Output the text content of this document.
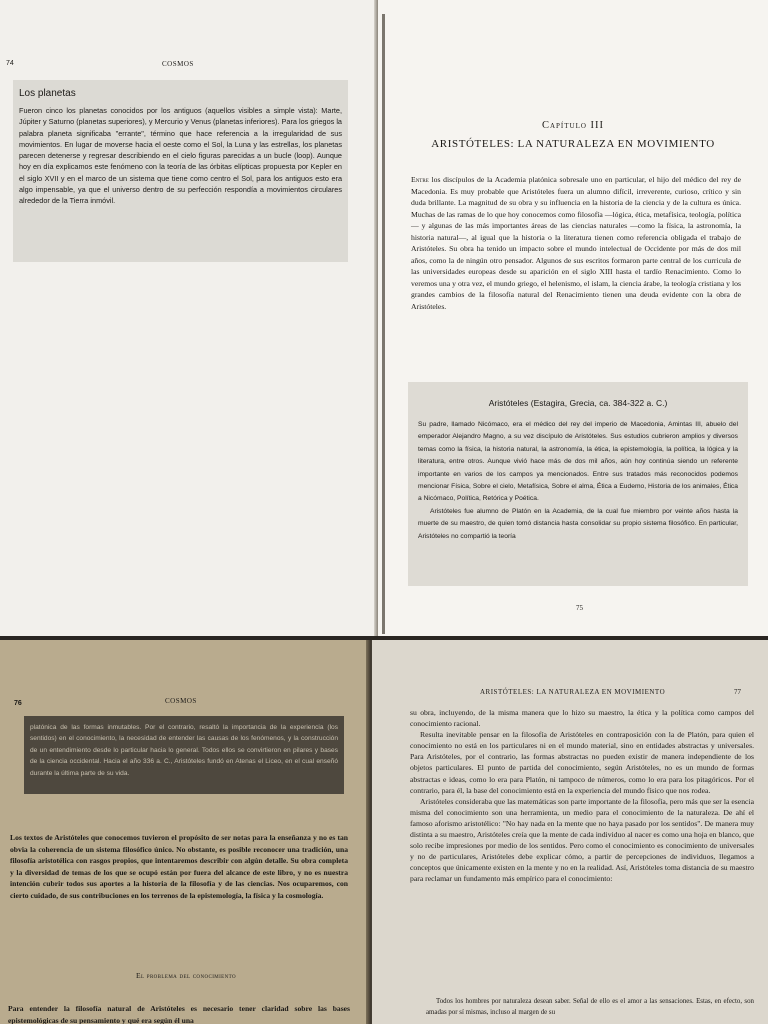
74	COSMOS
Los planetas

Fueron cinco los planetas conocidos por los antiguos (aquellos visibles a simple vista): Marte, Júpiter y Saturno (planetas superiores), y Mercurio y Venus (planetas inferiores). Para los griegos la palabra planeta significaba "errante", término que hace referencia a la irregularidad de sus movimientos. En lugar de moverse hacia el oeste como el Sol, la Luna y las estrellas, los planetas parecen detenerse y regresar describiendo en el cielo figuras parecidas a un bucle (loop). Aunque hoy en día explicamos este fenómeno con la teoría de las órbitas elípticas propuesta por Kepler en el siglo XVII y en el marco de un sistema que tiene como centro el Sol, para los antiguos esto era algo impensable, ya que el universo dentro de su perfección respondía a movimientos circulares alrededor de la Tierra inmóvil.

Capítulo III
ARISTÓTELES: LA NATURALEZA EN MOVIMIENTO

Entre los discípulos de la Academia platónica sobresale uno en particular, el hijo del médico del rey de Macedonia. Es muy probable que Aristóteles fuera un alumno difícil, irreverente, curioso, crítico y sin duda brillante. La magnitud de su obra y su influencia en la historia de la ciencia y de la cultura es única. Muchas de las ramas de lo que hoy conocemos como filosofía —lógica, ética, metafísica, teología, política— y algunas de las más importantes áreas de las ciencias naturales —como la física, la astronomía, la historia natural—, al igual que la historia o la literatura tienen como referencia obligada el trabajo de Aristóteles. Su obra ha tenido un impacto sobre el mundo intelectual de Occidente por más de dos mil años, como la de ningún otro pensador. Algunos de sus escritos formaron parte central de los curricula de las universidades europeas desde su aparición en el siglo XIII hasta el tardío Renacimiento. Como lo veremos una y otra vez, el mundo griego, el helenismo, el islam, la ciencia árabe, la teología cristiana y los grandes cambios de la filosofía natural del Renacimiento tienen una deuda evidente con la obra de Aristóteles.

Aristóteles (Estagira, Grecia, ca. 384-322 a. C.)

Su padre, llamado Nicómaco, era el médico del rey del imperio de Macedonia, Amintas III, abuelo del emperador Alejandro Magno, a su vez discípulo de Aristóteles. Sus estudios cubrieron amplios y diversos temas como la física, la historia natural, la astronomía, la ética, la epistemología, la política, la lógica y la literatura, entre otros. Aunque vivió hace más de dos mil años, aún hoy continúa siendo un referente importante en varios de los campos ya mencionados. Entre sus tratados más reconocidos podemos mencionar Física, Sobre el cielo, Metafísica, Sobre el alma, Ética a Eudemo, Historia de los animales, Ética a Nicómaco, Política, Retórica y Poética.

Aristóteles fue alumno de Platón en la Academia, de la cual fue miembro por veinte años hasta la muerte de su maestro, de quien tomó distancia hasta consolidar su propio sistema filosófico. En particular, Aristóteles no compartió la teoría

75
76	COSMOS

platónica de las formas inmutables. Por el contrario, resaltó la importancia de la experiencia (los sentidos) en el conocimiento, la necesidad de entender las causas de los fenómenos, y la construcción de un entendimiento desde lo particular hacia lo general. Todos ellos se convirtieron en pilares y bases de la ciencia occidental. Hacia el año 336 a. C., Aristóteles fundó en Atenas el Liceo, en el cual enseñó durante la última parte de su vida.

Los textos de Aristóteles que conocemos tuvieron el propósito de ser notas para la enseñanza y no es tan obvia la coherencia de un sistema filosófico único. No obstante, es posible reconocer una tradición, una filosofía aristotélica con rasgos propios, que intentaremos describir con algún detalle. Su obra completa y la diversidad de temas de los que se ocupó están por fuera del alcance de este libro, y no es nuestra intención cubrir todos sus aportes a la historia de la filosofía y de las ciencias. Nos ocuparemos, con cierto cuidado, de sus contribuciones en los terrenos de la epistemología, la física y la cosmología.

El problema del conocimiento

Para entender la filosofía natural de Aristóteles es necesario tener claridad sobre las bases epistemológicas de su pensamiento y qué era según él una

ARISTÓTELES: LA NATURALEZA EN MOVIMIENTO	77

su obra, incluyendo, de la misma manera que lo hizo su maestro, la ética y la política como campos del conocimiento racional.

Resulta inevitable pensar en la filosofía de Aristóteles en contraposición con la de Platón, para quien el conocimiento no está en los particulares ni en el mundo material, sino en entidades abstractas y universales. Para Aristóteles, por el contrario, las formas abstractas no pueden existir de manera independiente de los objetos particulares. El punto de partida del conocimiento, según Aristóteles, no es un mundo de formas abstractas e ideas, como lo era para Platón, ni tampoco de números, como lo era para los pitagóricos. Por el contrario, para él, la base del conocimiento está en la experiencia del mundo físico que nos rodea.

Aristóteles consideraba que las matemáticas son parte importante de la filosofía, pero más que ser la esencia misma del conocimiento son una herramienta, un medio para el conocimiento de la naturaleza. De ahí el famoso aforismo aristotélico: "No hay nada en la mente que no haya pasado por los sentidos". De manera muy distinta a su maestro, Aristóteles creía que la mente de cada individuo al nacer es como una hoja en blanco, que solo recibe impresiones por medio de los sentidos. Pero como el conocimiento es conocimiento de universales y no de particulares, Aristóteles debe explicar cómo, a partir de percepciones de individuos, llegamos a conceptos que únicamente existen en la mente y no en la realidad. Así, Aristóteles toma distancia de su maestro para reclamar un fundamento más empírico para el conocimiento:

Todos los hombres por naturaleza desean saber. Señal de ello es el amor a las sensaciones. Estas, en efecto, son amadas por sí mismas, incluso al margen de su
